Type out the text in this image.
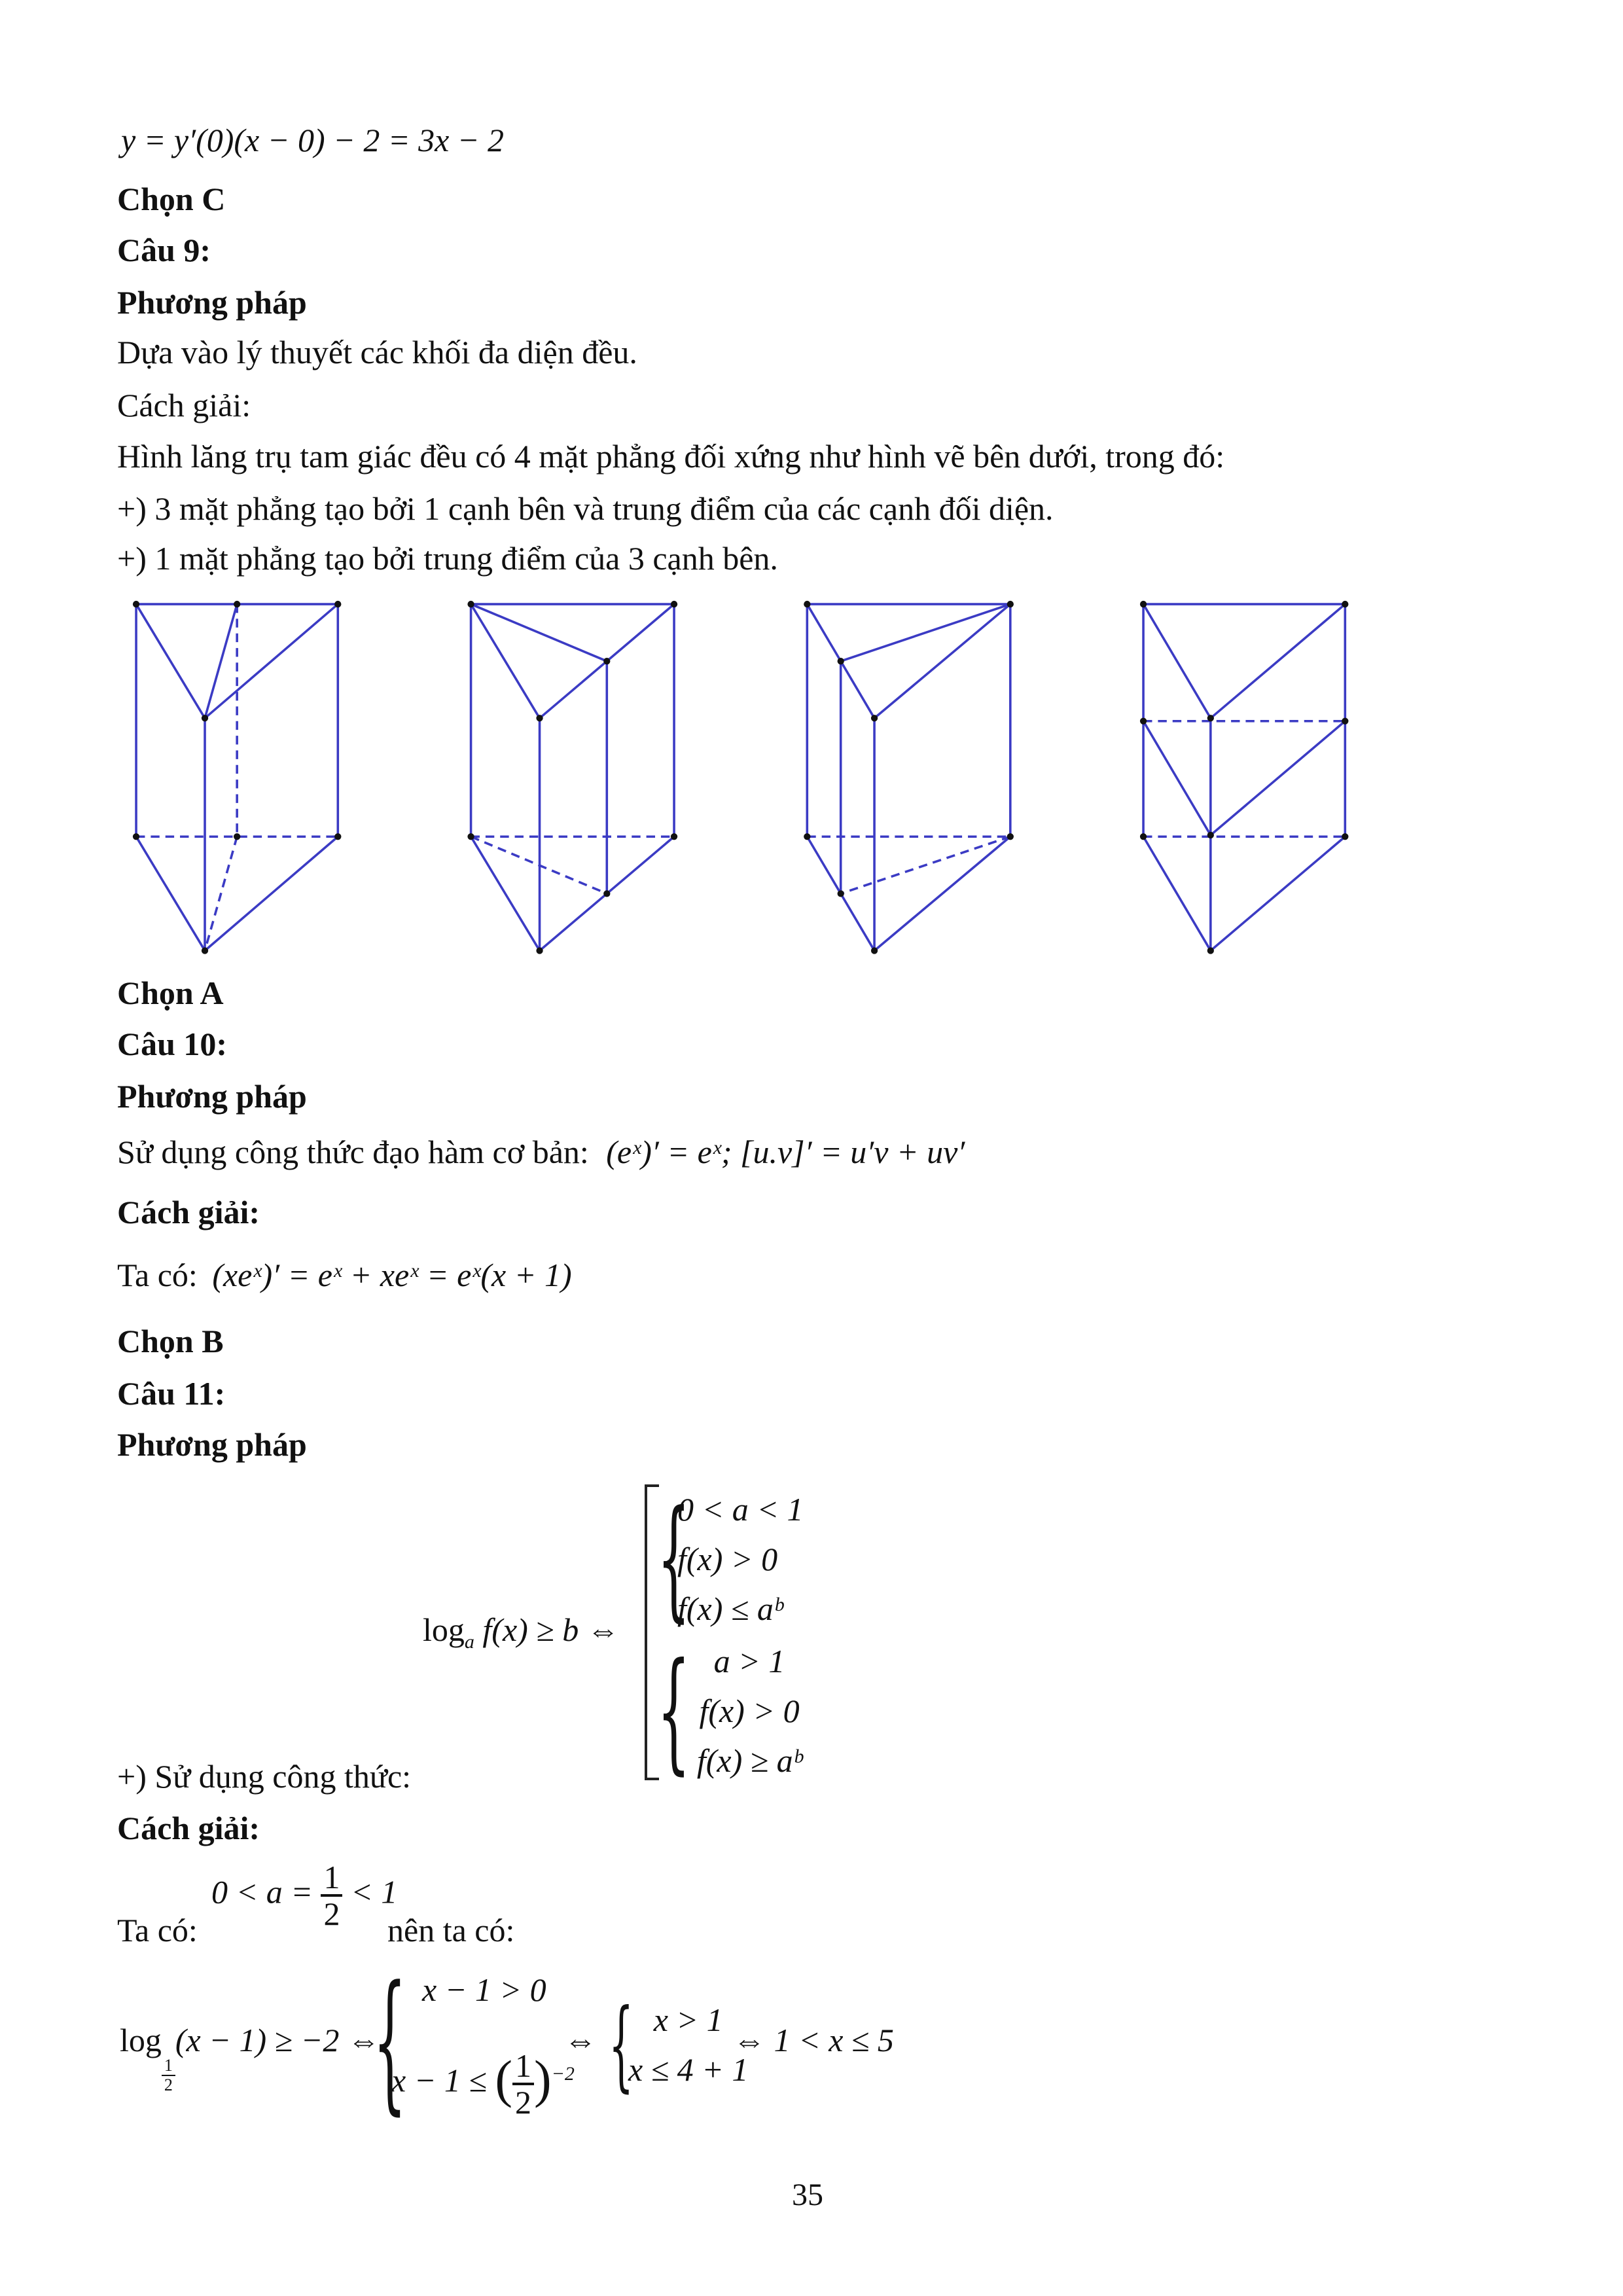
y = y′(0)(x − 0) − 2 = 3x − 2
Chọn C
Câu 9:
Phương pháp
Dựa vào lý thuyết các khối đa diện đều.
Cách giải:
Hình lăng trụ tam giác đều có 4 mặt phẳng đối xứng như hình vẽ bên dưới, trong đó:
+) 3 mặt phẳng tạo bởi 1 cạnh bên và trung điểm của các cạnh đối diện.
+) 1 mặt phẳng tạo bởi trung điểm của 3 cạnh bên.
Chọn A
Câu 10:
Phương pháp
Sử dụng công thức đạo hàm cơ bản: (eˣ)′ = eˣ; [u.v]′ = u′v + uv′
Cách giải:
Ta có: (xeˣ)′ = eˣ + xeˣ = eˣ(x + 1)
Chọn B
Câu 11:
Phương pháp
$\log_a f(x) \ge b$ ⇔ {
0 < a < 1
f(x) > 0
f(x) ≤ aᵇ
{ a > 1
f(x) > 0
f(x) ≥ aᵇ
+) Sử dụng công thức:
Cách giải:
Ta có:
$0 < a = \frac{1}{2} < 1$
nên ta có:
log
$\frac{1}{2}$
(x − 1) ≥ −2 ⇔
{ x − 1 > 0
x − 1 ≤ ( $\frac{1}{2} )^{-2}$
⇔ { x > 1
x ≤ 4 + 1
⇔ 1 < x ≤ 5
35
